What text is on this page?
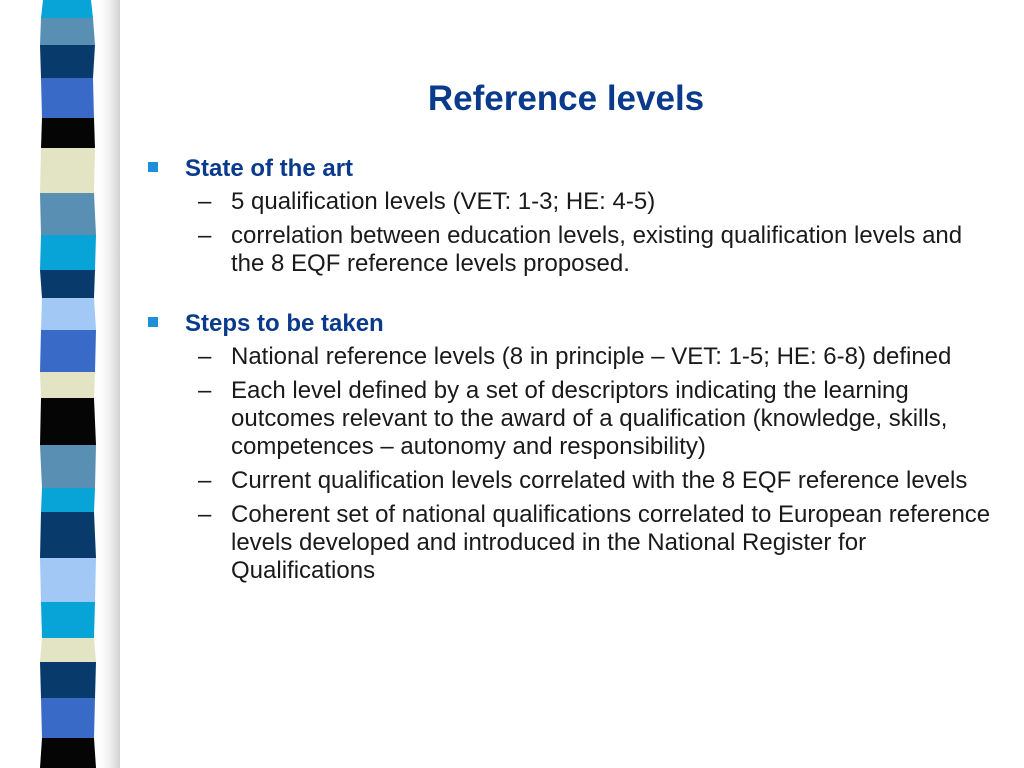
Reference levels
State of the art
– 5 qualification levels (VET: 1-3; HE: 4-5)
– correlation between education levels, existing qualification levels and the 8 EQF reference levels proposed.
Steps to be taken
– National reference levels (8 in principle – VET: 1-5; HE: 6-8) defined
– Each level defined by a set of descriptors indicating the learning outcomes relevant to the award of a qualification (knowledge, skills, competences – autonomy and responsibility)
– Current qualification levels correlated with the 8 EQF reference levels
– Coherent set of national qualifications correlated to European reference levels developed and introduced in the National Register for Qualifications
